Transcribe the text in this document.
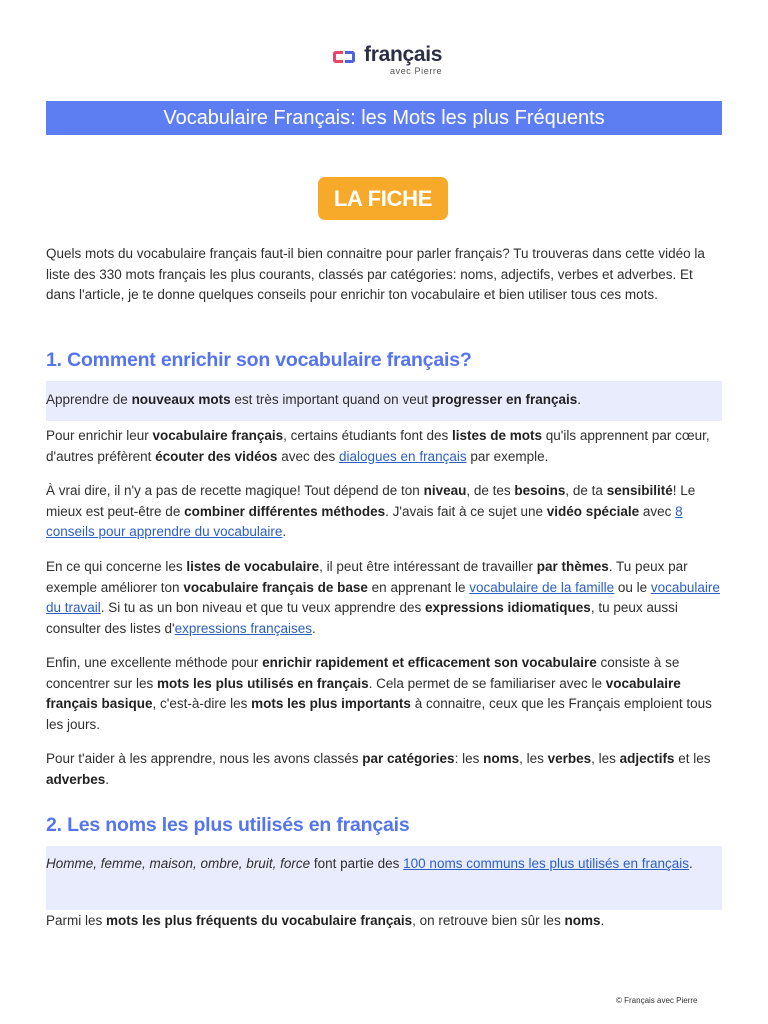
français
avec Pierre
Vocabulaire Français: les Mots les plus Fréquents
LA FICHE

Quels mots du vocabulaire français faut-il bien connaitre pour parler français? Tu trouveras dans cette vidéo la liste des 330 mots français les plus courants, classés par catégories: noms, adjectifs, verbes et adverbes. Et dans l'article, je te donne quelques conseils pour enrichir ton vocabulaire et bien utiliser tous ces mots.

1. Comment enrichir son vocabulaire français?

Apprendre de nouveaux mots est très important quand on veut progresser en français.

Pour enrichir leur vocabulaire français, certains étudiants font des listes de mots qu'ils apprennent par cœur, d'autres préfèrent écouter des vidéos avec des dialogues en français par exemple.

À vrai dire, il n'y a pas de recette magique! Tout dépend de ton niveau, de tes besoins, de ta sensibilité! Le mieux est peut-être de combiner différentes méthodes. J'avais fait à ce sujet une vidéo spéciale avec 8 conseils pour apprendre du vocabulaire.

En ce qui concerne les listes de vocabulaire, il peut être intéressant de travailler par thèmes. Tu peux par exemple améliorer ton vocabulaire français de base en apprenant le vocabulaire de la famille ou le vocabulaire du travail. Si tu as un bon niveau et que tu veux apprendre des expressions idiomatiques, tu peux aussi consulter des listes d'expressions françaises.

Enfin, une excellente méthode pour enrichir rapidement et efficacement son vocabulaire consiste à se concentrer sur les mots les plus utilisés en français. Cela permet de se familiariser avec le vocabulaire français basique, c'est-à-dire les mots les plus importants à connaitre, ceux que les Français emploient tous les jours.

Pour t'aider à les apprendre, nous les avons classés par catégories: les noms, les verbes, les adjectifs et les adverbes.

2. Les noms les plus utilisés en français

Homme, femme, maison, ombre, bruit, force font partie des 100 noms communs les plus utilisés en français.

Parmi les mots les plus fréquents du vocabulaire français, on retrouve bien sûr les noms.

© Français avec Pierre
